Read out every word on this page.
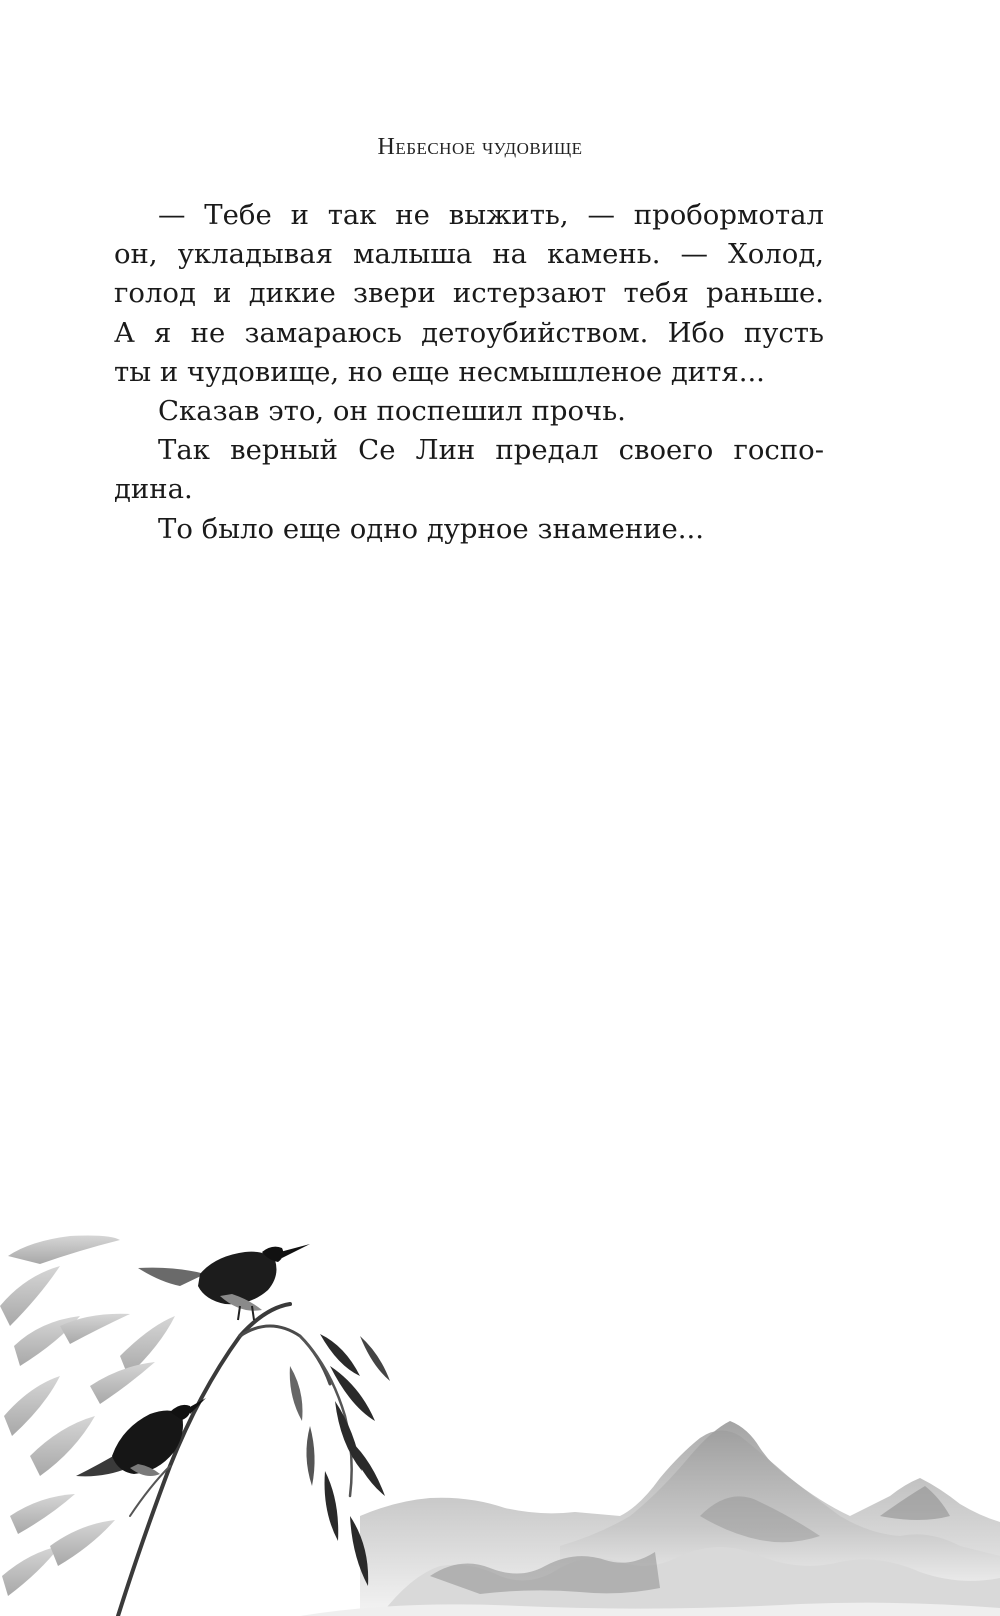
Небесное чудовище
— Тебе и так не выжить, — пробормотал
он, укладывая малыша на камень. — Холод,
голод и дикие звери истерзают тебя раньше.
А я не замараюсь детоубийством. Ибо пусть
ты и чудовище, но еще несмышленое дитя...

Сказав это, он поспешил прочь.

Так верный Се Лин предал своего госпо-
дина.

То было еще одно дурное знамение...
